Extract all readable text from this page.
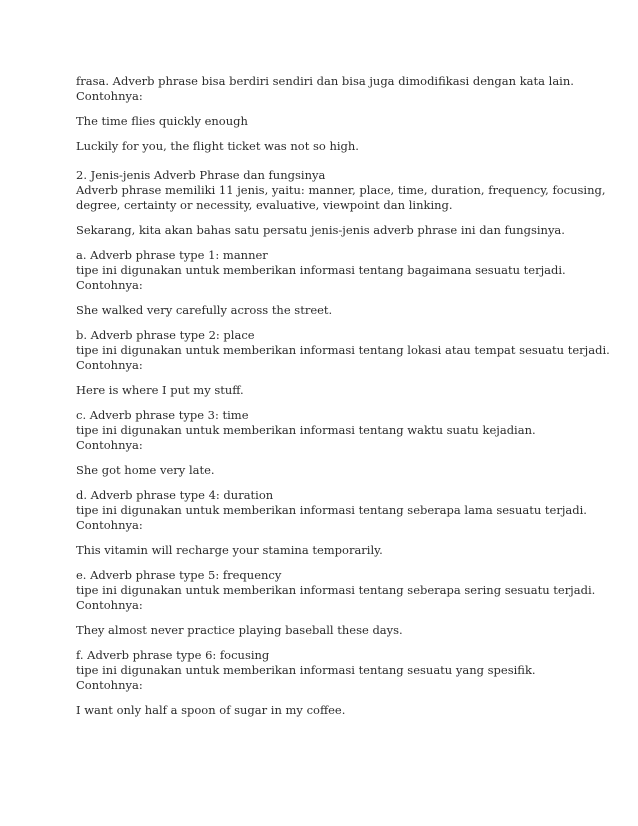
frasa. Adverb phrase bisa berdiri sendiri dan bisa juga dimodifikasi dengan kata lain.
Contohnya:
The time flies quickly enough
Luckily for you, the flight ticket was not so high.
2. Jenis-jenis Adverb Phrase dan fungsinya
Adverb phrase memiliki 11 jenis, yaitu: manner, place, time, duration, frequency, focusing,
degree, certainty or necessity, evaluative, viewpoint dan linking.
Sekarang, kita akan bahas satu persatu jenis-jenis adverb phrase ini dan fungsinya.
a. Adverb phrase type 1: manner
tipe ini digunakan untuk memberikan informasi tentang bagaimana sesuatu terjadi.
Contohnya:
She walked very carefully across the street.
b. Adverb phrase type 2: place
tipe ini digunakan untuk memberikan informasi tentang lokasi atau tempat sesuatu terjadi.
Contohnya:
Here is where I put my stuff.
c. Adverb phrase type 3: time
tipe ini digunakan untuk memberikan informasi tentang waktu suatu kejadian.
Contohnya:
She got home very late.
d. Adverb phrase type 4: duration
tipe ini digunakan untuk memberikan informasi tentang seberapa lama sesuatu terjadi.
Contohnya:
This vitamin will recharge your stamina temporarily.
e. Adverb phrase type 5: frequency
tipe ini digunakan untuk memberikan informasi tentang seberapa sering sesuatu terjadi.
Contohnya:
They almost never practice playing baseball these days.
f. Adverb phrase type 6: focusing
tipe ini digunakan untuk memberikan informasi tentang sesuatu yang spesifik.
Contohnya:
I want only half a spoon of sugar in my coffee.
